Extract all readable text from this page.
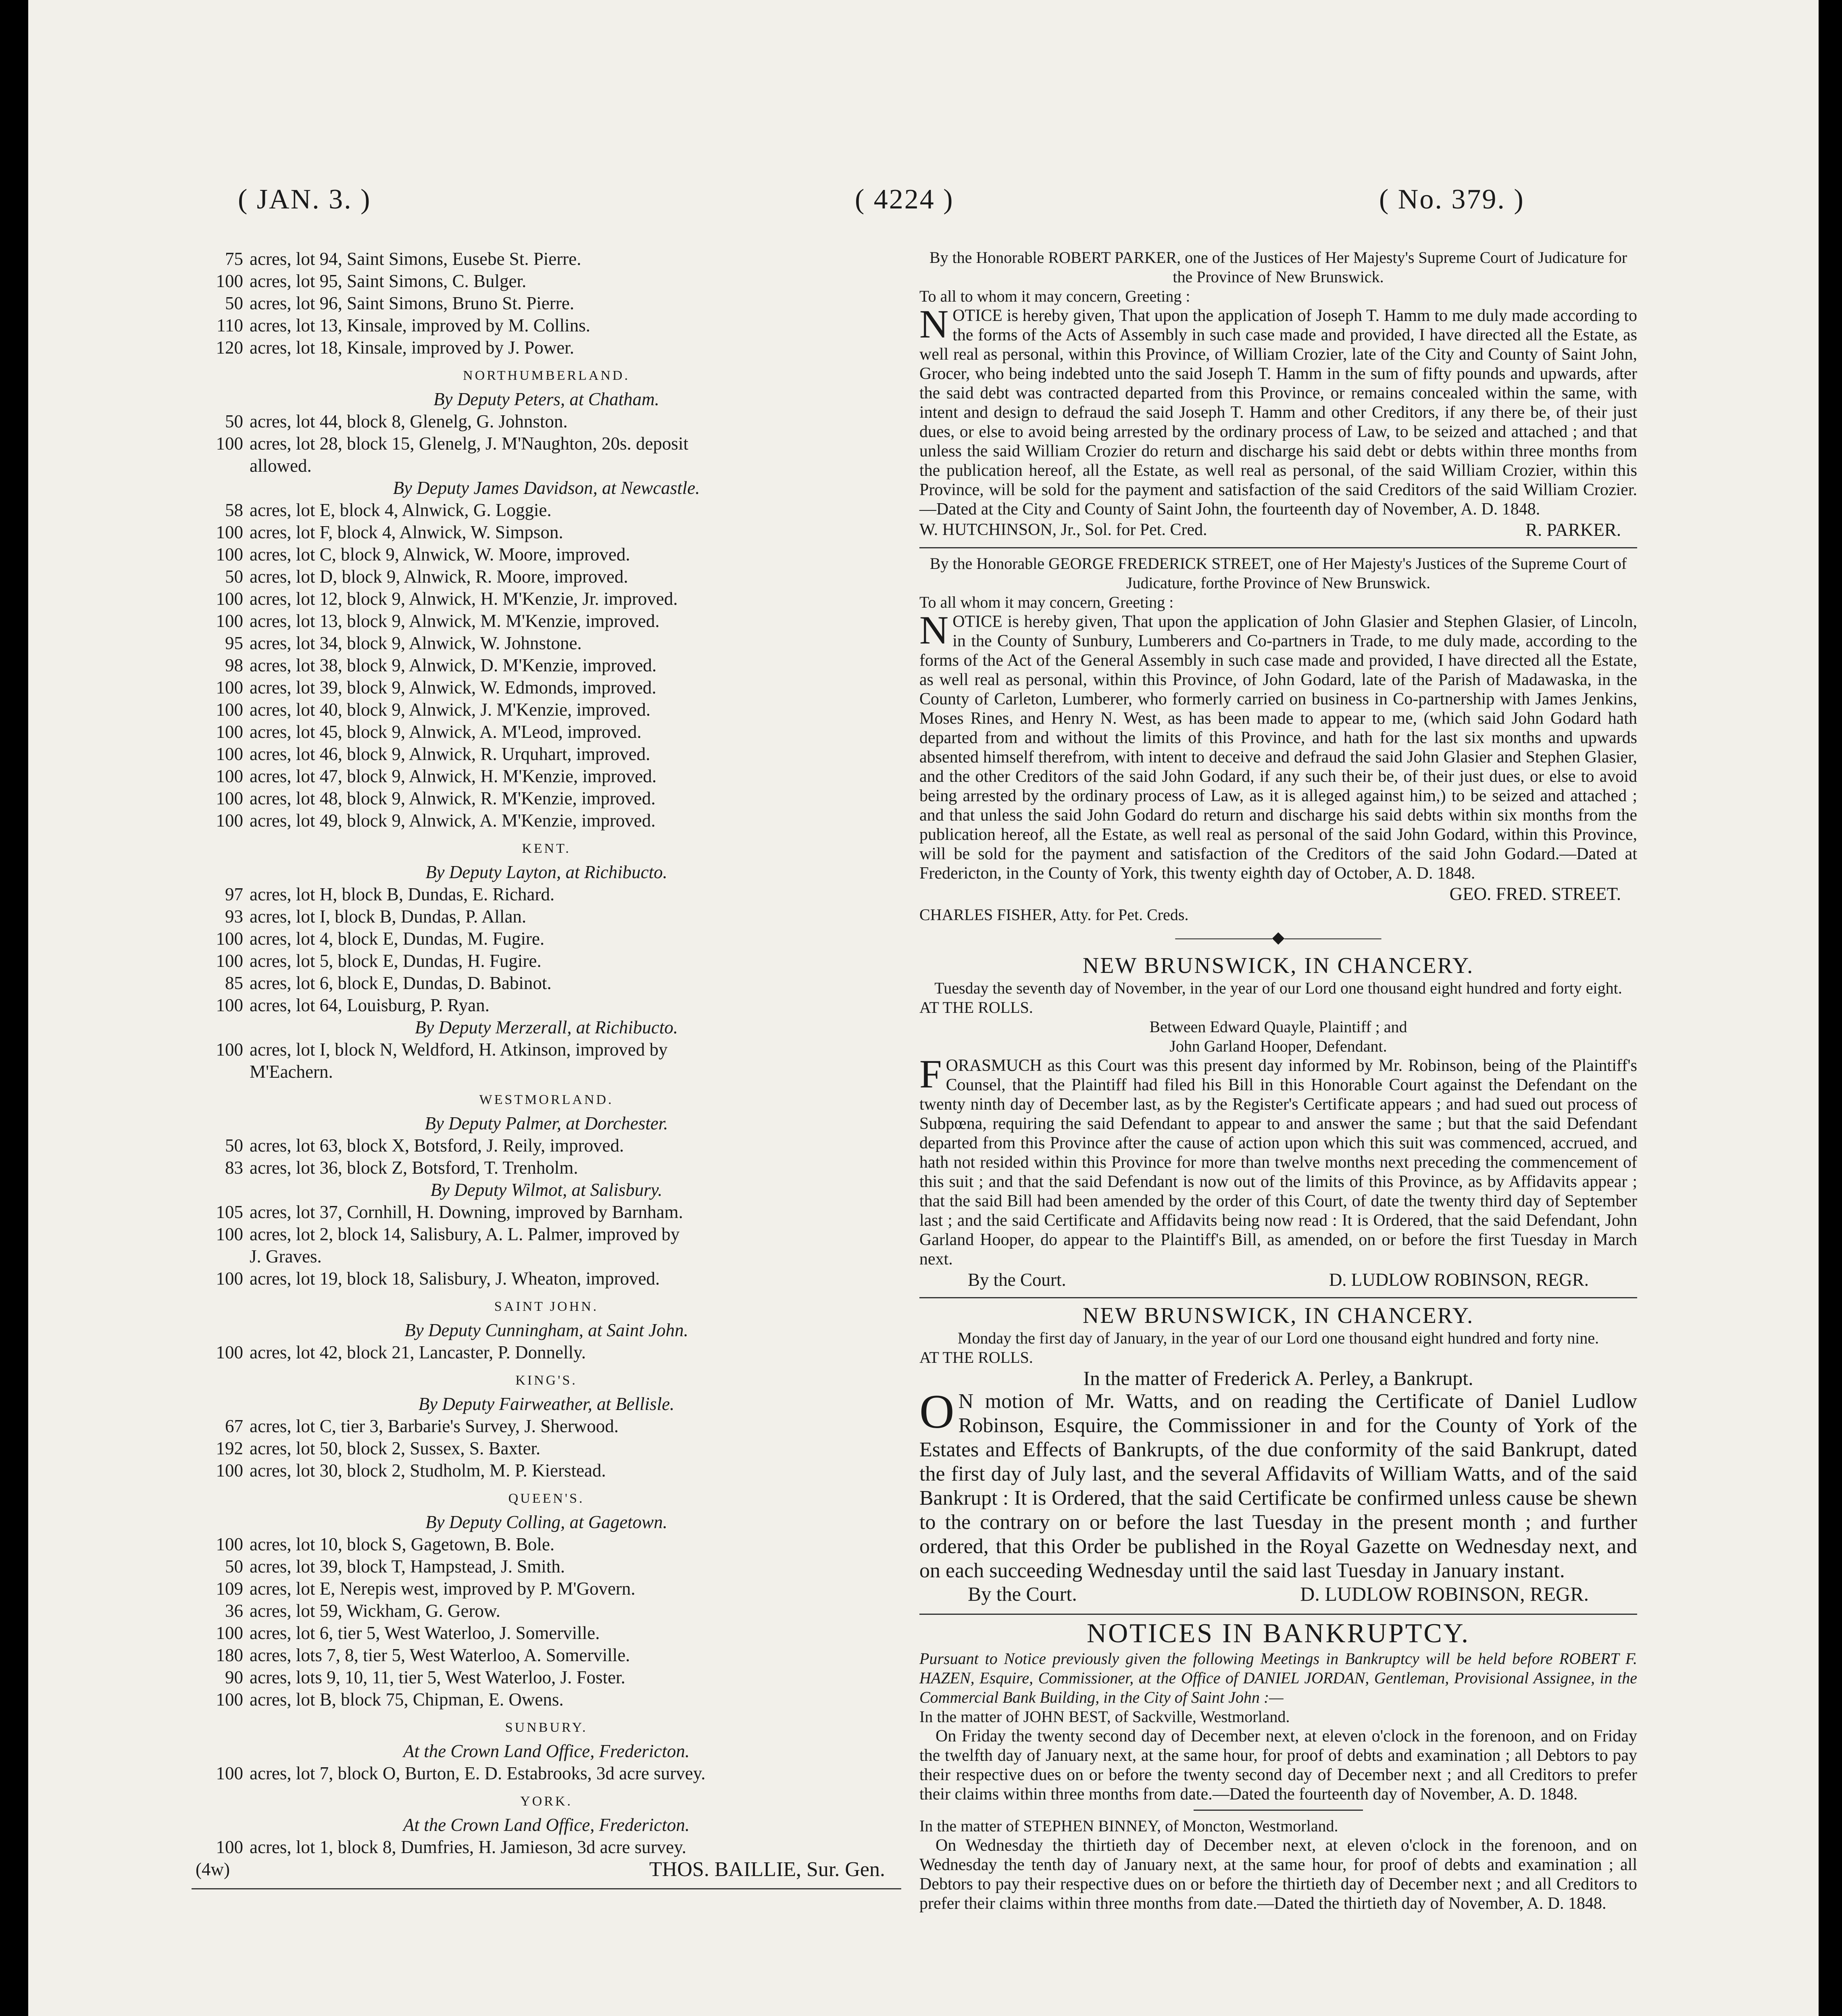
( JAN. 3. )	( 4224 )	( No. 379. )
75 acres, lot 94, Saint Simons, Eusebe St. Pierre.
100 acres, lot 95, Saint Simons, C. Bulger.
50 acres, lot 96, Saint Simons, Bruno St. Pierre.
110 acres, lot 13, Kinsale, improved by M. Collins.
120 acres, lot 18, Kinsale, improved by J. Power.
NORTHUMBERLAND.
By Deputy Peters, at Chatham.
50 acres, lot 44, block 8, Glenelg, G. Johnston.
100 acres, lot 28, block 15, Glenelg, J. M'Naughton, 20s. deposit
allowed.
By Deputy James Davidson, at Newcastle.
58 acres, lot E, block 4, Alnwick, G. Loggie.
100 acres, lot F, block 4, Alnwick, W. Simpson.
100 acres, lot C, block 9, Alnwick, W. Moore, improved.
50 acres, lot D, block 9, Alnwick, R. Moore, improved.
100 acres, lot 12, block 9, Alnwick, H. M'Kenzie, Jr. improved.
100 acres, lot 13, block 9, Alnwick, M. M'Kenzie, improved.
95 acres, lot 34, block 9, Alnwick, W. Johnstone.
98 acres, lot 38, block 9, Alnwick, D. M'Kenzie, improved.
100 acres, lot 39, block 9, Alnwick, W. Edmonds, improved.
100 acres, lot 40, block 9, Alnwick, J. M'Kenzie, improved.
100 acres, lot 45, block 9, Alnwick, A. M'Leod, improved.
100 acres, lot 46, block 9, Alnwick, R. Urquhart, improved.
100 acres, lot 47, block 9, Alnwick, H. M'Kenzie, improved.
100 acres, lot 48, block 9, Alnwick, R. M'Kenzie, improved.
100 acres, lot 49, block 9, Alnwick, A. M'Kenzie, improved.
KENT.
By Deputy Layton, at Richibucto.
97 acres, lot H, block B, Dundas, E. Richard.
93 acres, lot I, block B, Dundas, P. Allan.
100 acres, lot 4, block E, Dundas, M. Fugire.
100 acres, lot 5, block E, Dundas, H. Fugire.
85 acres, lot 6, block E, Dundas, D. Babinot.
100 acres, lot 64, Louisburg, P. Ryan.
By Deputy Merzerall, at Richibucto.
100 acres, lot I, block N, Weldford, H. Atkinson, improved by
M'Eachern.
WESTMORLAND.
By Deputy Palmer, at Dorchester.
50 acres, lot 63, block X, Botsford, J. Reily, improved.
83 acres, lot 36, block Z, Botsford, T. Trenholm.
By Deputy Wilmot, at Salisbury.
105 acres, lot 37, Cornhill, H. Downing, improved by Barnham.
100 acres, lot 2, block 14, Salisbury, A. L. Palmer, improved by
J. Graves.
100 acres, lot 19, block 18, Salisbury, J. Wheaton, improved.
SAINT JOHN.
By Deputy Cunningham, at Saint John.
100 acres, lot 42, block 21, Lancaster, P. Donnelly.
KING'S.
By Deputy Fairweather, at Bellisle.
67 acres, lot C, tier 3, Barbarie's Survey, J. Sherwood.
192 acres, lot 50, block 2, Sussex, S. Baxter.
100 acres, lot 30, block 2, Studholm, M. P. Kierstead.
QUEEN'S.
By Deputy Colling, at Gagetown.
100 acres, lot 10, block S, Gagetown, B. Bole.
50 acres, lot 39, block T, Hampstead, J. Smith.
109 acres, lot E, Nerepis west, improved by P. M'Govern.
36 acres, lot 59, Wickham, G. Gerow.
100 acres, lot 6, tier 5, West Waterloo, J. Somerville.
180 acres, lots 7, 8, tier 5, West Waterloo, A. Somerville.
90 acres, lots 9, 10, 11, tier 5, West Waterloo, J. Foster.
100 acres, lot B, block 75, Chipman, E. Owens.
SUNBURY.
At the Crown Land Office, Fredericton.
100 acres, lot 7, block O, Burton, E. D. Estabrooks, 3d acre survey.
YORK.
At the Crown Land Office, Fredericton.
100 acres, lot 1, block 8, Dumfries, H. Jamieson, 3d acre survey.
(4w)	THOS. BAILLIE, Sur. Gen.

By the Honorable ROBERT PARKER, one of the Justices of Her Majesty's Supreme Court of Judicature for the Province of New Brunswick.

To all to whom it may concern, Greeting :

NOTICE is hereby given, That upon the application of Joseph T. Hamm to me duly made according to the forms of the Acts of Assembly in such case made and provided, I have directed all the Estate, as well real as personal, within this Province, of William Crozier, late of the City and County of Saint John, Grocer, who being indebted unto the said Joseph T. Hamm in the sum of fifty pounds and upwards, after the said debt was contracted departed from this Province, or remains concealed within the same, with intent and design to defraud the said Joseph T. Hamm and other Creditors, if any there be, of their just dues, or else to avoid being arrested by the ordinary process of Law, to be seized and attached ; and that unless the said William Crozier do return and discharge his said debt or debts within three months from the publication hereof, all the Estate, as well real as personal, of the said William Crozier, within this Province, will be sold for the payment and satisfaction of the said Creditors of the said William Crozier.—Dated at the City and County of Saint John, the fourteenth day of November, A. D. 1848.

W. HUTCHINSON, Jr., Sol. for Pet. Cred.	R. PARKER.

By the Honorable GEORGE FREDERICK STREET, one of Her Majesty's Justices of the Supreme Court of Judicature, forthe Province of New Brunswick.

To all whom it may concern, Greeting :

NOTICE is hereby given, That upon the application of John Glasier and Stephen Glasier, of Lincoln, in the County of Sunbury, Lumberers and Co-partners in Trade, to me duly made, according to the forms of the Act of the General Assembly in such case made and provided, I have directed all the Estate, as well real as personal, within this Province, of John Godard, late of the Parish of Madawaska, in the County of Carleton, Lumberer, who formerly carried on business in Co-partnership with James Jenkins, Moses Rines, and Henry N. West, as has been made to appear to me, (which said John Godard hath departed from and without the limits of this Province, and hath for the last six months and upwards absented himself therefrom, with intent to deceive and defraud the said John Glasier and Stephen Glasier, and the other Creditors of the said John Godard, if any such their be, of their just dues, or else to avoid being arrested by the ordinary process of Law, as it is alleged against him,) to be seized and attached ; and that unless the said John Godard do return and discharge his said debts within six months from the publication hereof, all the Estate, as well real as personal of the said John Godard, within this Province, will be sold for the payment and satisfaction of the Creditors of the said John Godard.—Dated at Fredericton, in the County of York, this twenty eighth day of October, A. D. 1848.

GEO. FRED. STREET.

CHARLES FISHER, Atty. for Pet. Creds.

——————◆——————
NEW BRUNSWICK, IN CHANCERY.

Tuesday the seventh day of November, in the year of our Lord one thousand eight hundred and forty eight.

AT THE ROLLS.

Between Edward Quayle, Plaintiff ; and

John Garland Hooper, Defendant.

FORASMUCH as this Court was this present day informed by Mr. Robinson, being of the Plaintiff's Counsel, that the Plaintiff had filed his Bill in this Honorable Court against the Defendant on the twenty ninth day of December last, as by the Register's Certificate appears ; and had sued out process of Subpœna, requiring the said Defendant to appear to and answer the same ; but that the said Defendant departed from this Province after the cause of action upon which this suit was commenced, accrued, and hath not resided within this Province for more than twelve months next preceding the commencement of this suit ; and that the said Defendant is now out of the limits of this Province, as by Affidavits appear ; that the said Bill had been amended by the order of this Court, of date the twenty third day of September last ; and the said Certificate and Affidavits being now read : It is Ordered, that the said Defendant, John Garland Hooper, do appear to the Plaintiff's Bill, as amended, on or before the first Tuesday in March next.

By the Court.	D. LUDLOW ROBINSON, REGR.
NEW BRUNSWICK, IN CHANCERY.

Monday the first day of January, in the year of our Lord one thousand eight hundred and forty nine.

AT THE ROLLS.

In the matter of Frederick A. Perley, a Bankrupt.

O N motion of Mr. Watts, and on reading the Certificate of Daniel Ludlow Robinson, Esquire, the Commissioner in and for the County of York of the Estates and Effects of Bankrupts, of the due conformity of the said Bankrupt, dated the first day of July last, and the several Affidavits of William Watts, and of the said Bankrupt : It is Ordered, that the said Certificate be confirmed unless cause be shewn to the contrary on or before the last Tuesday in the present month ; and further ordered, that this Order be published in the Royal Gazette on Wednesday next, and on each succeeding Wednesday until the said last Tuesday in January instant.

By the Court.	D. LUDLOW ROBINSON, REGR.
NOTICES IN BANKRUPTCY.

Pursuant to Notice previously given the following Meetings in Bankruptcy will be held before ROBERT F. HAZEN, Esquire, Commissioner, at the Office of DANIEL JORDAN, Gentleman, Provisional Assignee, in the Commercial Bank Building, in the City of Saint John :—

In the matter of JOHN BEST, of Sackville, Westmorland.

On Friday the twenty second day of December next, at eleven o'clock in the forenoon, and on Friday the twelfth day of January next, at the same hour, for proof of debts and examination ; all Debtors to pay their respective dues on or before the twenty second day of December next ; and all Creditors to prefer their claims within three months from date.—Dated the fourteenth day of November, A. D. 1848.

In the matter of STEPHEN BINNEY, of Moncton, Westmorland.

On Wednesday the thirtieth day of December next, at eleven o'clock in the forenoon, and on Wednesday the tenth day of January next, at the same hour, for proof of debts and examination ; all Debtors to pay their respective dues on or before the thirtieth day of December next ; and all Creditors to prefer their claims within three months from date.—Dated the thirtieth day of November, A. D. 1848.
